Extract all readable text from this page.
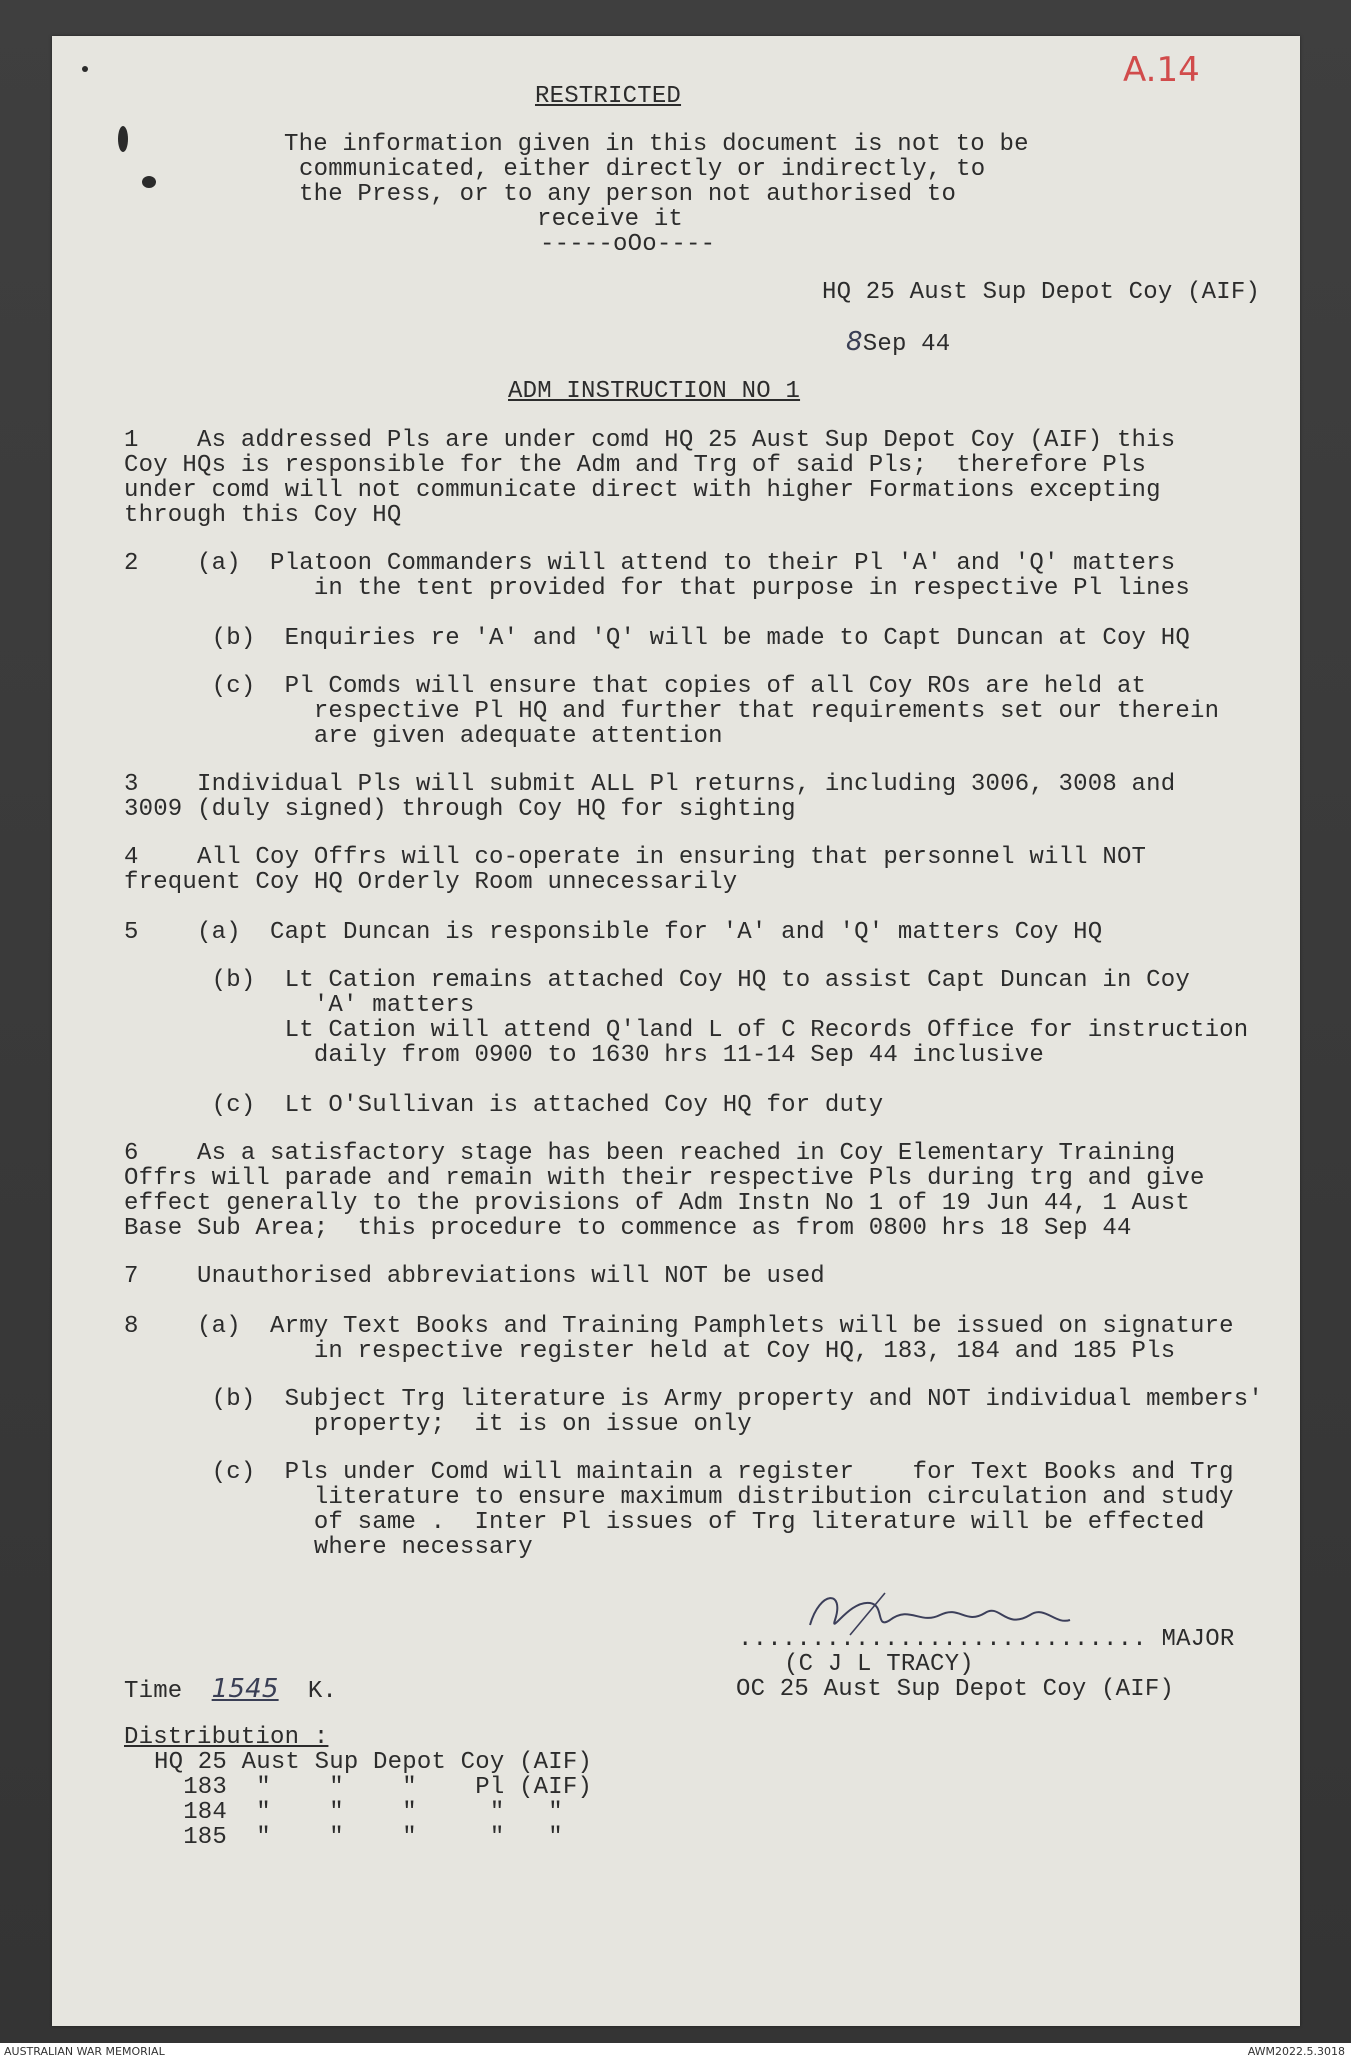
A.14
RESTRICTED
The information given in this document is not to be
communicated, either directly or indirectly, to
the Press, or to any person not authorised to
receive it
-----oOo----
HQ 25 Aust Sup Depot Coy (AIF)
8Sep 44
ADM INSTRUCTION NO 1
1    As addressed Pls are under comd HQ 25 Aust Sup Depot Coy (AIF) this
Coy HQs is responsible for the Adm and Trg of said Pls;  therefore Pls
under comd will not communicate direct with higher Formations excepting
through this Coy HQ
2    (a)  Platoon Commanders will attend to their Pl 'A' and 'Q' matters
in the tent provided for that purpose in respective Pl lines
(b)  Enquiries re 'A' and 'Q' will be made to Capt Duncan at Coy HQ
(c)  Pl Comds will ensure that copies of all Coy ROs are held at
respective Pl HQ and further that requirements set our therein
are given adequate attention
3    Individual Pls will submit ALL Pl returns, including 3006, 3008 and
3009 (duly signed) through Coy HQ for sighting
4    All Coy Offrs will co-operate in ensuring that personnel will NOT
frequent Coy HQ Orderly Room unnecessarily
5    (a)  Capt Duncan is responsible for 'A' and 'Q' matters Coy HQ
(b)  Lt Cation remains attached Coy HQ to assist Capt Duncan in Coy
'A' matters
Lt Cation will attend Q'land L of C Records Office for instruction
daily from 0900 to 1630 hrs 11-14 Sep 44 inclusive
(c)  Lt O'Sullivan is attached Coy HQ for duty
6    As a satisfactory stage has been reached in Coy Elementary Training
Offrs will parade and remain with their respective Pls during trg and give
effect generally to the provisions of Adm Instn No 1 of 19 Jun 44, 1 Aust
Base Sub Area;  this procedure to commence as from 0800 hrs 18 Sep 44
7    Unauthorised abbreviations will NOT be used
8    (a)  Army Text Books and Training Pamphlets will be issued on signature
in respective register held at Coy HQ, 183, 184 and 185 Pls
(b)  Subject Trg literature is Army property and NOT individual members'
property;  it is on issue only
(c)  Pls under Comd will maintain a register    for Text Books and Trg
literature to ensure maximum distribution circulation and study
of same .  Inter Pl issues of Trg literature will be effected
where necessary
............................ MAJOR
(C J L TRACY)
OC 25 Aust Sup Depot Coy (AIF)
Time 1545 K.
Distribution :
HQ 25 Aust Sup Depot Coy (AIF)
183  "    "    "    Pl (AIF)
184  "    "    "     "   "
185  "    "    "     "   "
AUSTRALIAN WAR MEMORIAL	AWM2022.5.3018
